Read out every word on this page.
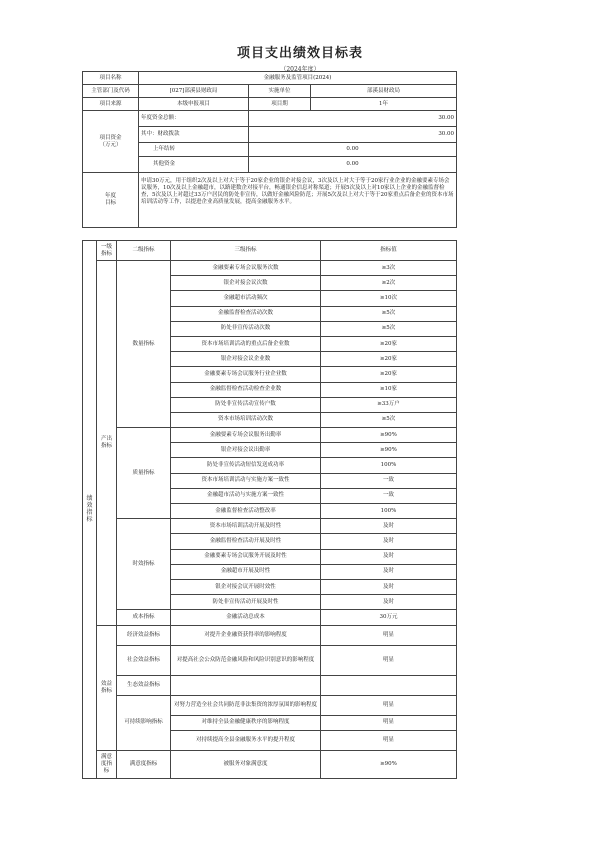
项目支出绩效目标表
（2024年度）
项目名称	金融服务及监管项目(2024)		
主管部门及代码	[027]部溪县财政局	实施单位	部溪县财政局
项目来源	本级申报项目	项目期	1年
项目资金
（万元）	年度资金总额：	30.00	
	其中：财政拨款	30.00	
	上年结转	0.00	
	其他资金	0.00	
年度
目标	申请30万元，用于组织2次及以上对大于等于20家企业的银企对接会议，3次及以上对大于等于20家行业企业的金融要素专场会议服务，10次及以上金融超市，以路建数企对接平台，畅通银企信息对称渠道；开展5次及以上对10家以上企业的金融监督检查，5次及以上对超过33万户居民的防处非宣传，以做好金融风险防范；开展5次及以上对大于等于20家重点后备企业的资本市场培训活动等工作，以提进企业高质量发展，提高金融服务水平。		
绩
效
指
标	一级
指标	二级指标	三级指标	指标值
	产出
指标	数量指标	金融要素专场会议服务次数	≥3次
			银企对接会议次数	≥2次
			金融超市活动频次	≥10次
			金融监督检查活动次数	≥5次
			防处非宣传活动次数	≥5次
			资本市场培训活动的重点后备企业数	≥20家
			银企对接会议企业数	≥20家
			金融要素专场会议服务行业企业数	≥20家
			金融监督检查活动检查企业数	≥10家
			防处非宣传活动宣传户数	≥33万户
			资本市场培训活动次数	≥5次
		质量指标	金融要素专场会议服务出勤率	≥90%
			银企对接会议出勤率	≥90%
			防处非宣传活动短信发送成功率	100%
			资本市场培训活动与实施方案一致性	一致
			金融超市活动与实施方案一致性	一致
			金融监督检查活动整改率	100%
		时效指标	资本市场培训活动开展及时性	及时
			金融监督检查活动开展及时性	及时
			金融要素专场会议服务开展及时性	及时
			金融超市开展及时性	及时
			银企对接会议开展时效性	及时
			防处非宣传活动开展及时性	及时
		成本指标	金融活动总成本	30万元
	效益
指标	经济效益指标	对提升企业融资获得率的影响程度	明显
		社会效益指标	对提高社会公众防范金融风险和风险识别意识的影响程度	明显
		生态效益指标		
		可持续影响指标	对努力营造全社会共同防范非法集资的浓厚氛围的影响程度	明显
			对维持全县金融健康秩序的影响程度	明显
			对持续提高全县金融服务水平的提升程度	明显
	满意
度指
标	满意度指标	被服务对象满意度	≥90%
